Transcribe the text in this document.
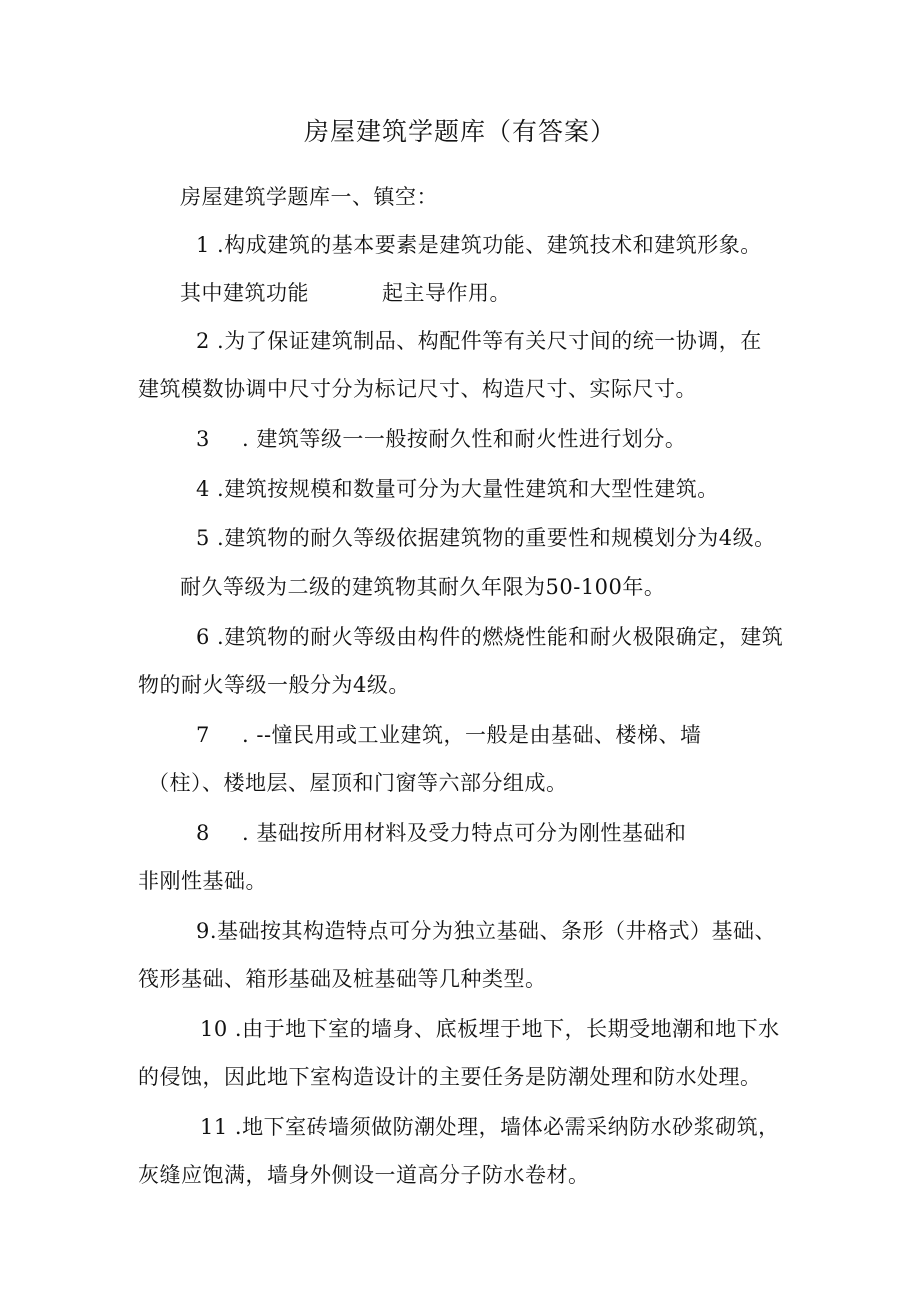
房屋建筑学题库（有答案）
房屋建筑学题库一、镇空：
1 .构成建筑的基本要素是建筑功能、建筑技术和建筑形象。
其中建筑功能	起主导作用。
2 .为了保证建筑制品、构配件等有关尺寸间的统一协调，在
建筑模数协调中尺寸分为标记尺寸、构造尺寸、实际尺寸。
3 . 建筑等级一一般按耐久性和耐火性进行划分。
4 .建筑按规模和数量可分为大量性建筑和大型性建筑。
5 .建筑物的耐久等级依据建筑物的重要性和规模划分为4级。
耐久等级为二级的建筑物其耐久年限为50-100年。
6 .建筑物的耐火等级由构件的燃烧性能和耐火极限确定，建筑
物的耐火等级一般分为4级。
7 . --憧民用或工业建筑，一般是由基础、楼梯、墙
（柱）、楼地层、屋顶和门窗等六部分组成。
8 . 基础按所用材料及受力特点可分为刚性基础和
非刚性基础。
9.基础按其构造特点可分为独立基础、条形（井格式）基础、
筏形基础、箱形基础及桩基础等几种类型。
10 .由于地下室的墙身、底板埋于地下，长期受地潮和地下水
的侵蚀，因此地下室构造设计的主要任务是防潮处理和防水处理。
11 .地下室砖墙须做防潮处理，墙体必需采纳防水砂浆砌筑，
灰缝应饱满，墙身外侧设一道高分子防水卷材。
